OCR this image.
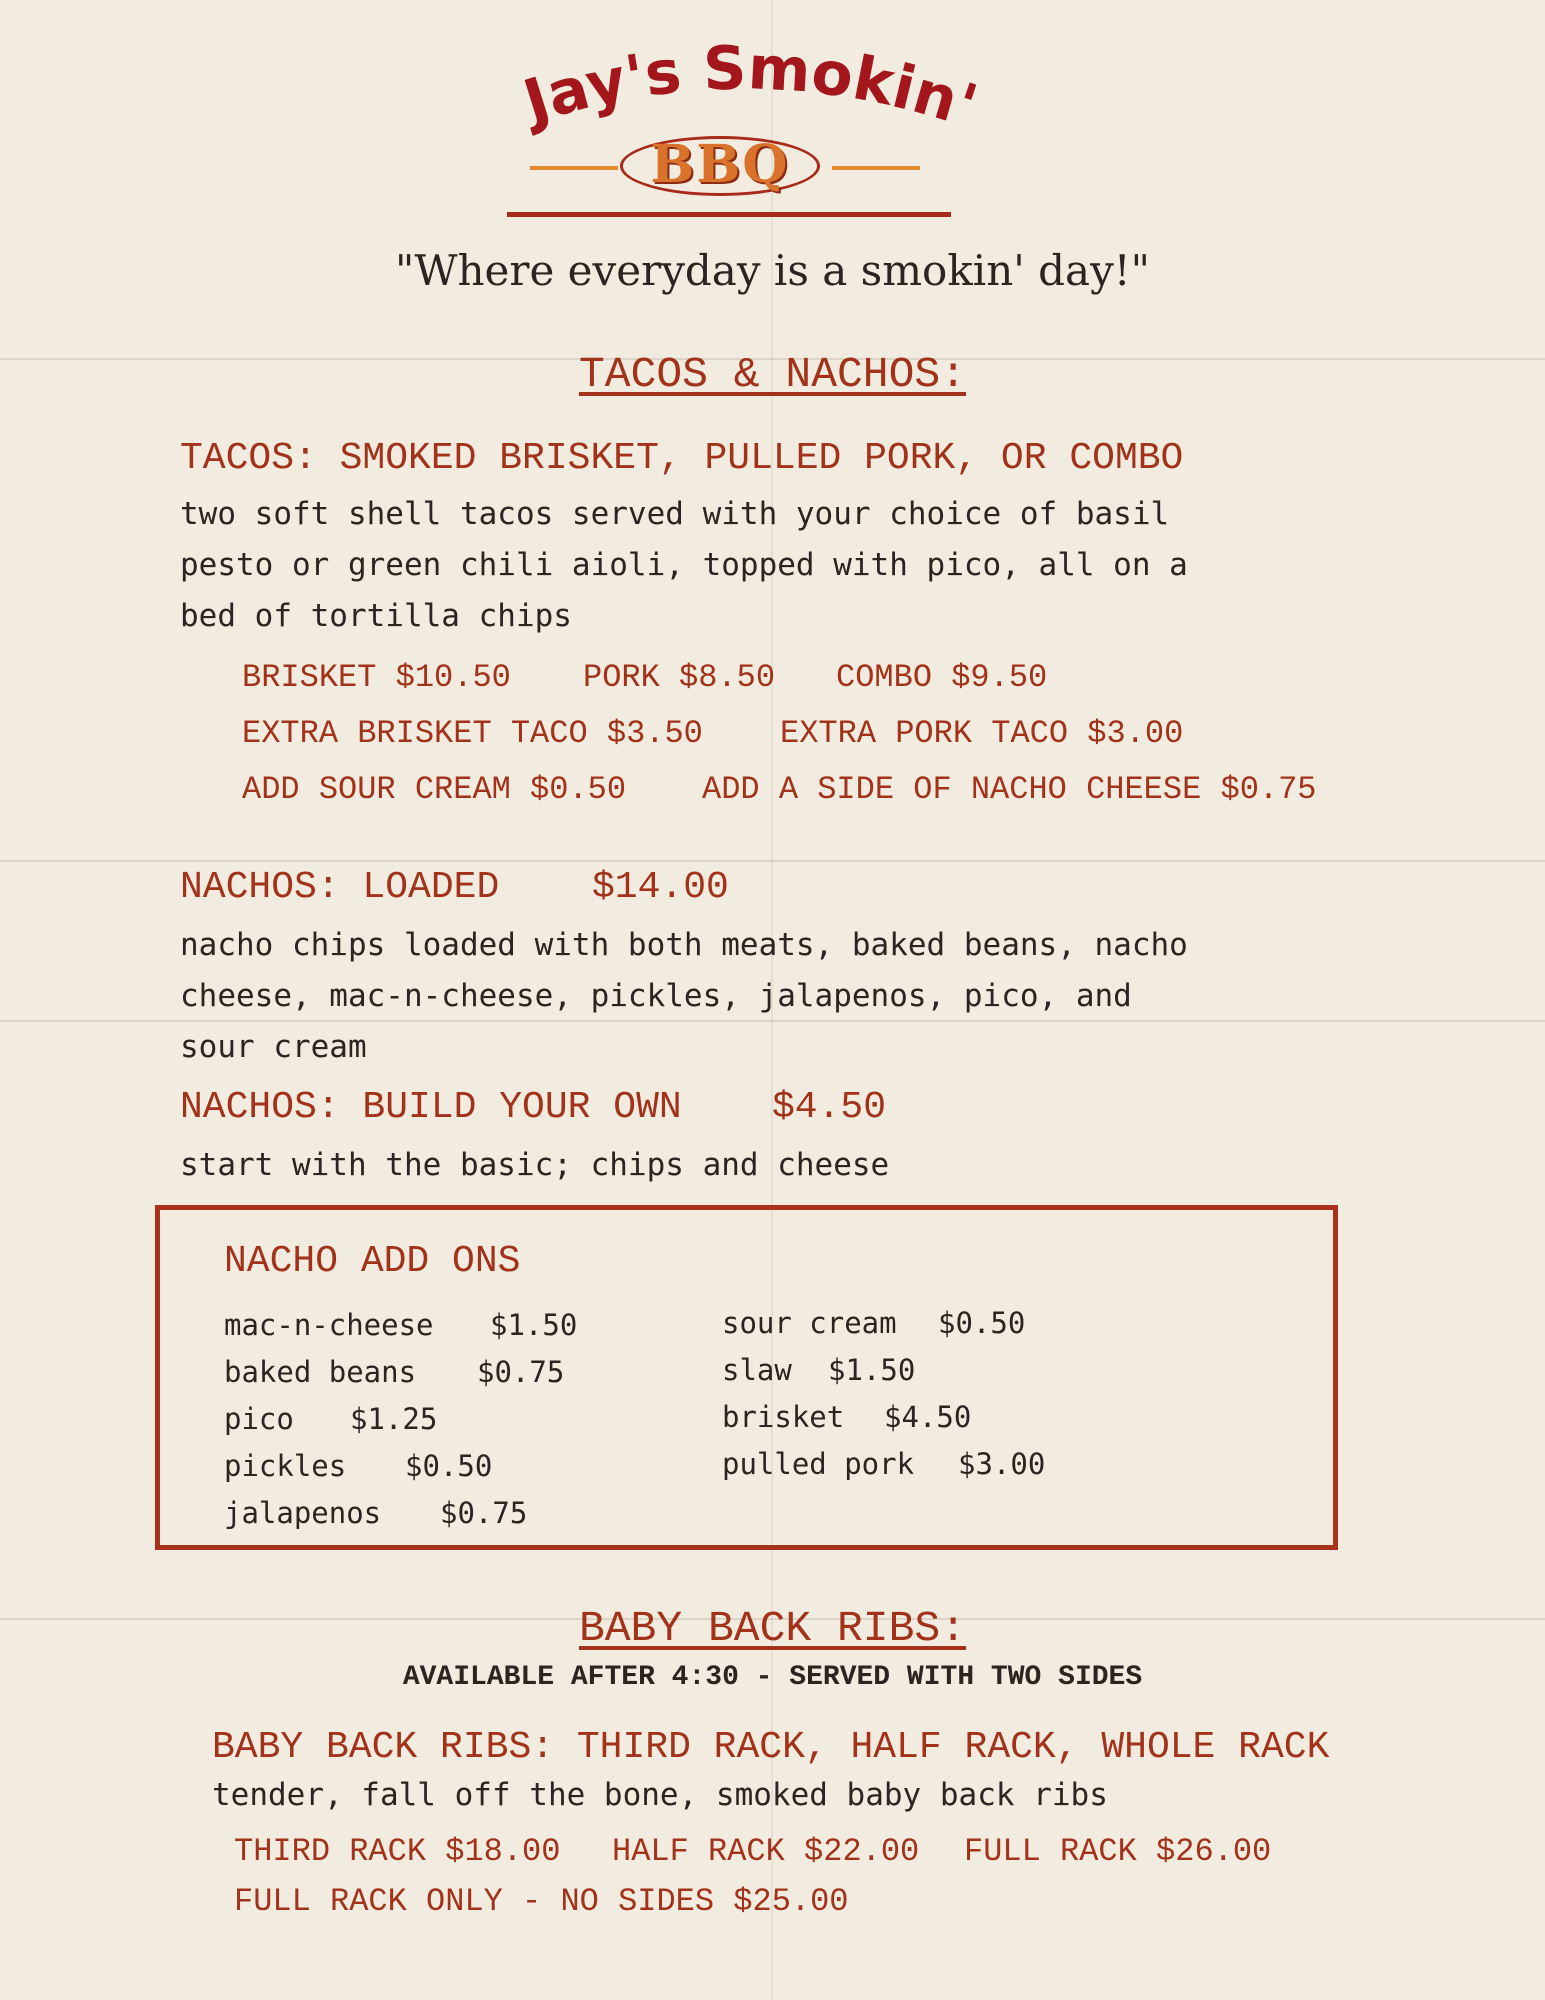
Jay's Smokin'
BBQ
"Where everyday is a smokin' day!"
TACOS & NACHOS:
TACOS: SMOKED BRISKET, PULLED PORK, OR COMBO
two soft shell tacos served with your choice of basil
pesto or green chili aioli, topped with pico, all on a
bed of tortilla chips
BRISKET $10.50 PORK $8.50 COMBO $9.50
EXTRA BRISKET TACO $3.50 EXTRA PORK TACO $3.00
ADD SOUR CREAM $0.50 ADD A SIDE OF NACHO CHEESE $0.75
NACHOS: LOADED $14.00
nacho chips loaded with both meats, baked beans, nacho
cheese, mac-n-cheese, pickles, jalapenos, pico, and
sour cream
NACHOS: BUILD YOUR OWN $4.50
start with the basic; chips and cheese
NACHO ADD ONS
mac-n-cheese $1.50
baked beans $0.75
pico $1.25
pickles $0.50
jalapenos $0.75
sour cream $0.50
slaw $1.50
brisket $4.50
pulled pork $3.00
BABY BACK RIBS:
AVAILABLE AFTER 4:30 - SERVED WITH TWO SIDES
BABY BACK RIBS: THIRD RACK, HALF RACK, WHOLE RACK
tender, fall off the bone, smoked baby back ribs
THIRD RACK $18.00 HALF RACK $22.00 FULL RACK $26.00
FULL RACK ONLY - NO SIDES $25.00
